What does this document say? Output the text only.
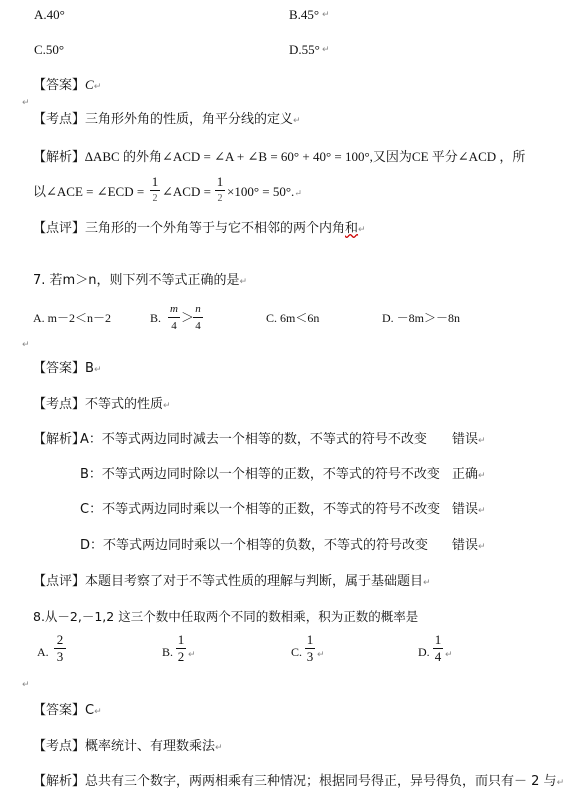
A.40°	B.45° ↵
C.50°	D.55° ↵
【答案】C↵
↵
【考点】三角形外角的性质，角平分线的定义↵
【解析】∆ABC 的外角∠ACD = ∠A + ∠B = 60° + 40° = 100°,又因为CE 平分∠ACD ，所
以∠ACE = ∠ECD =
1
2 ∠ACD =
1
2 ×100° = 50°.↵
【点评】三角形的一个外角等于与它不相邻的两个内角和↵
7. 若m＞n，则下列不等式正确的是↵
A. m－2＜n－2	B.
m
4
＞
n
4
C. 6m＜6n	D. －8m＞－8n
↵
【答案】B↵
【考点】不等式的性质↵
【解析】
A：不等式两边同时减去一个相等的数，不等式的符号不改变 错误↵
B：不等式两边同时除以一个相等的正数，不等式的符号不改变 正确↵
C：不等式两边同时乘以一个相等的正数，不等式的符号不改变 错误↵
D：不等式两边同时乘以一个相等的负数，不等式的符号改变 错误↵
【点评】本题目考察了对于不等式性质的理解与判断，属于基础题目↵
8.从－2,－1,2 这三个数中任取两个不同的数相乘，积为正数的概率是
A.
2
3	B.
1
2 ↵	C.
1
3 ↵	D.
1
4 ↵
↵
【答案】C↵
【考点】概率统计、有理数乘法↵
【解析】总共有三个数字，两两相乘有三种情况；根据同号得正，异号得负，而只有－ 2 与↵
